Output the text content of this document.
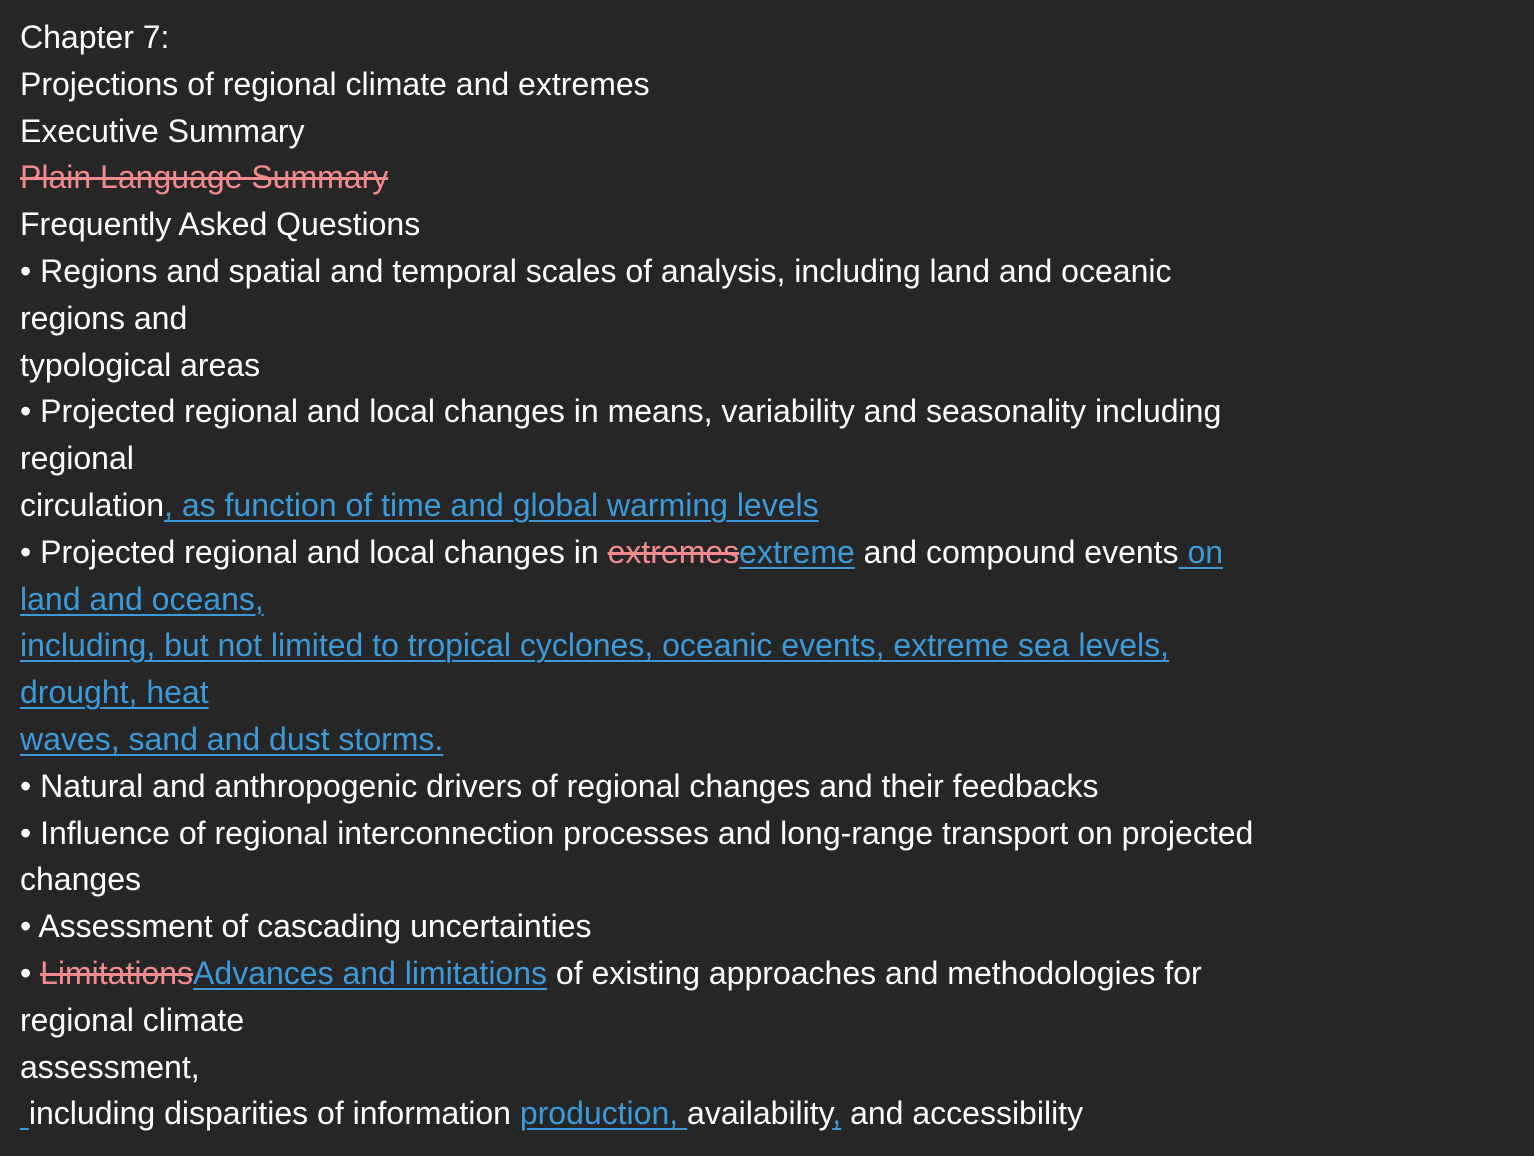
Chapter 7:
Projections of regional climate and extremes
Executive Summary
Plain Language Summary
Frequently Asked Questions
• Regions and spatial and temporal scales of analysis, including land and oceanic
regions and
typological areas
• Projected regional and local changes in means, variability and seasonality including
regional
circulation, as function of time and global warming levels
• Projected regional and local changes in extremesextreme and compound events on
land and oceans,
including, but not limited to tropical cyclones, oceanic events, extreme sea levels,
drought, heat
waves, sand and dust storms.
• Natural and anthropogenic drivers of regional changes and their feedbacks
• Influence of regional interconnection processes and long-range transport on projected
changes
• Assessment of cascading uncertainties
• LimitationsAdvances and limitations of existing approaches and methodologies for
regional climate
assessment,
including disparities of information production, availability, and accessibility
